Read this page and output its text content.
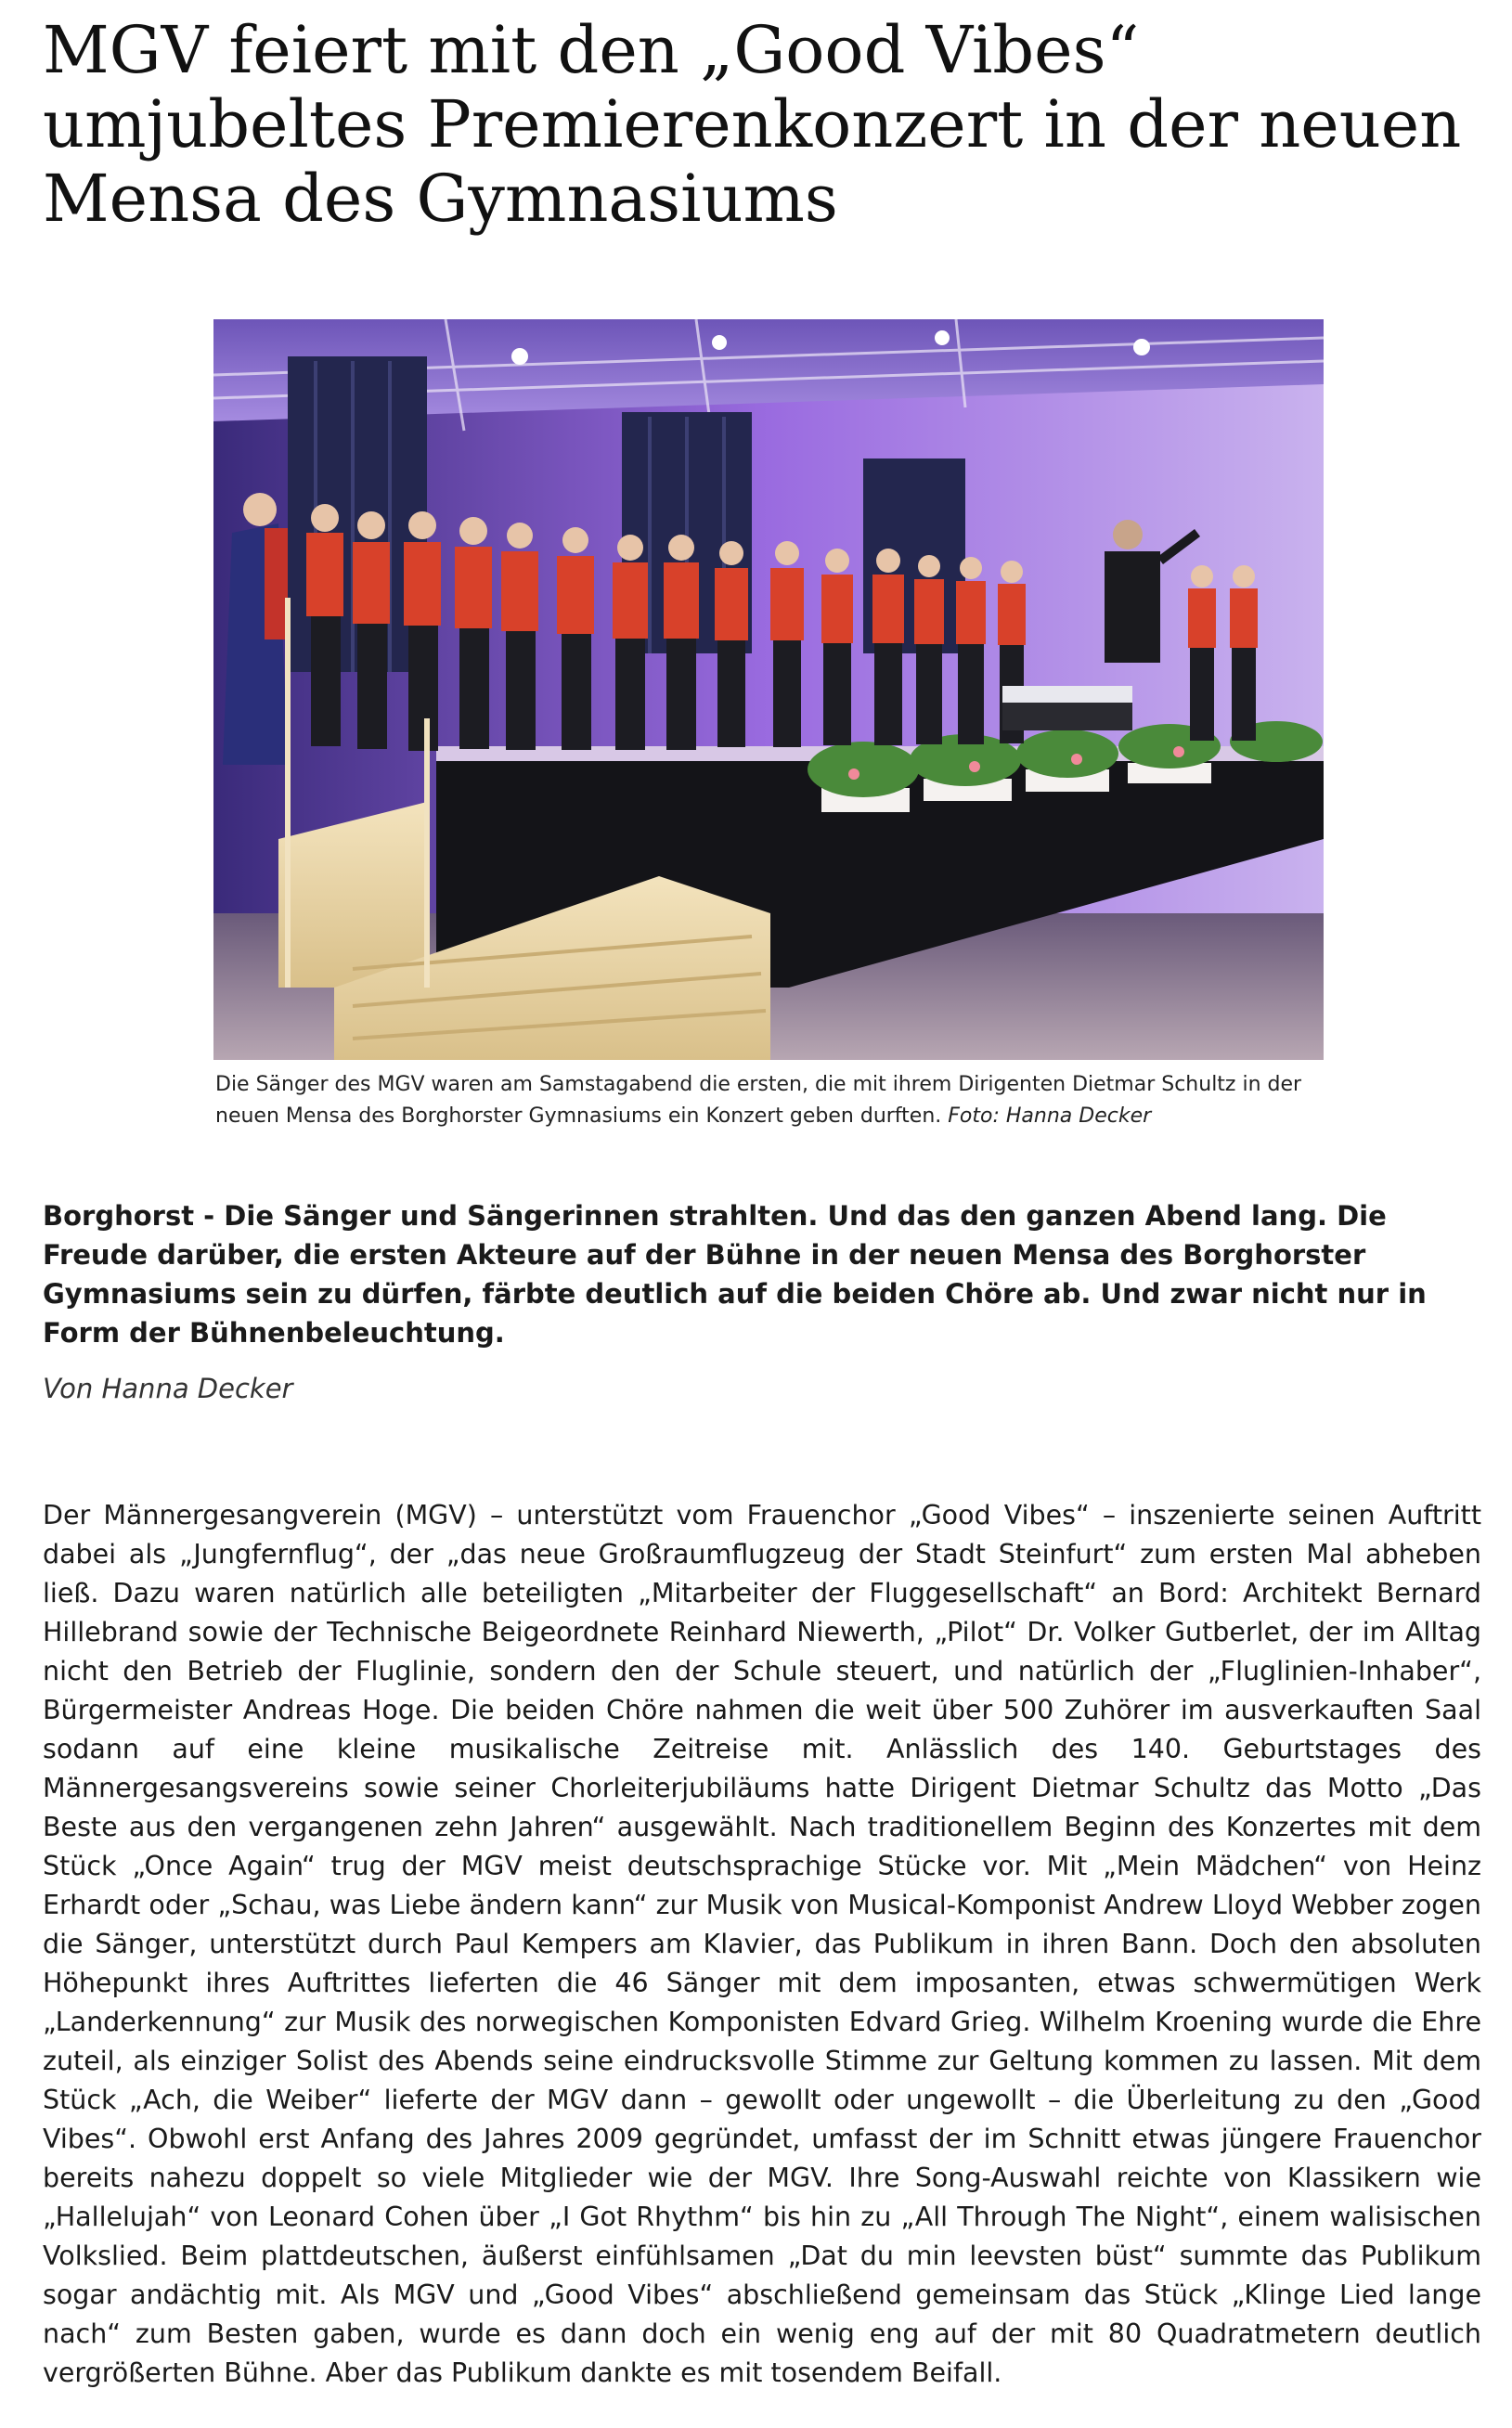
MGV feiert mit den „Good Vibes“ umjubeltes Premierenkonzert in der neuen Mensa des Gymnasiums
Die Sänger des MGV waren am Samstagabend die ersten, die mit ihrem Dirigenten Dietmar Schultz in der neuen Mensa des Borghorster Gymnasiums ein Konzert geben durften. Foto: Hanna Decker

Borghorst - Die Sänger und Sängerinnen strahlten. Und das den ganzen Abend lang. Die Freude darüber, die ersten Akteure auf der Bühne in der neuen Mensa des Borghorster Gymnasiums sein zu dürfen, färbte deutlich auf die beiden Chöre ab. Und zwar nicht nur in Form der Bühnenbeleuchtung.

Von Hanna Decker

Der Männergesangverein (MGV) – unterstützt vom Frauenchor „Good Vibes“ – inszenierte seinen Auftritt dabei als „Jungfernflug“, der „das neue Großraumflugzeug der Stadt Steinfurt“ zum ersten Mal abheben ließ. Dazu waren natürlich alle beteiligten „Mitarbeiter der Fluggesellschaft“ an Bord: Architekt Bernard Hillebrand sowie der Technische Beigeordnete Reinhard Niewerth, „Pilot“ Dr. Volker Gutberlet, der im Alltag nicht den Betrieb der Fluglinie, sondern den der Schule steuert, und natürlich der „Fluglinien-Inhaber“, Bürgermeister Andreas Hoge. Die beiden Chöre nahmen die weit über 500 Zuhörer im ausverkauften Saal sodann auf eine kleine musikalische Zeitreise mit. Anlässlich des 140. Geburtstages des Männergesangsvereins sowie seiner Chorleiterjubiläums hatte Dirigent Dietmar Schultz das Motto „Das Beste aus den vergangenen zehn Jahren“ ausgewählt. Nach traditionellem Beginn des Konzertes mit dem Stück „Once Again“ trug der MGV meist deutschsprachige Stücke vor. Mit „Mein Mädchen“ von Heinz Erhardt oder „Schau, was Liebe ändern kann“ zur Musik von Musical-Komponist Andrew Lloyd Webber zogen die Sänger, unterstützt durch Paul Kempers am Klavier, das Publikum in ihren Bann. Doch den absoluten Höhepunkt ihres Auftrittes lieferten die 46 Sänger mit dem imposanten, etwas schwermütigen Werk „Landerkennung“ zur Musik des norwegischen Komponisten Edvard Grieg. Wilhelm Kroening wurde die Ehre zuteil, als einziger Solist des Abends seine eindrucksvolle Stimme zur Geltung kommen zu lassen. Mit dem Stück „Ach, die Weiber“ lieferte der MGV dann – gewollt oder ungewollt – die Überleitung zu den „Good Vibes“. Obwohl erst Anfang des Jahres 2009 gegründet, umfasst der im Schnitt etwas jüngere Frauenchor bereits nahezu doppelt so viele Mitglieder wie der MGV. Ihre Song-Auswahl reichte von Klassikern wie „Hallelujah“ von Leonard Cohen über „I Got Rhythm“ bis hin zu „All Through The Night“, einem walisischen Volkslied. Beim plattdeutschen, äußerst einfühlsamen „Dat du min leevsten büst“ summte das Publikum sogar andächtig mit. Als MGV und „Good Vibes“ abschließend gemeinsam das Stück „Klinge Lied lange nach“ zum Besten gaben, wurde es dann doch ein wenig eng auf der mit 80 Quadratmetern deutlich vergrößerten Bühne. Aber das Publikum dankte es mit tosendem Beifall.
